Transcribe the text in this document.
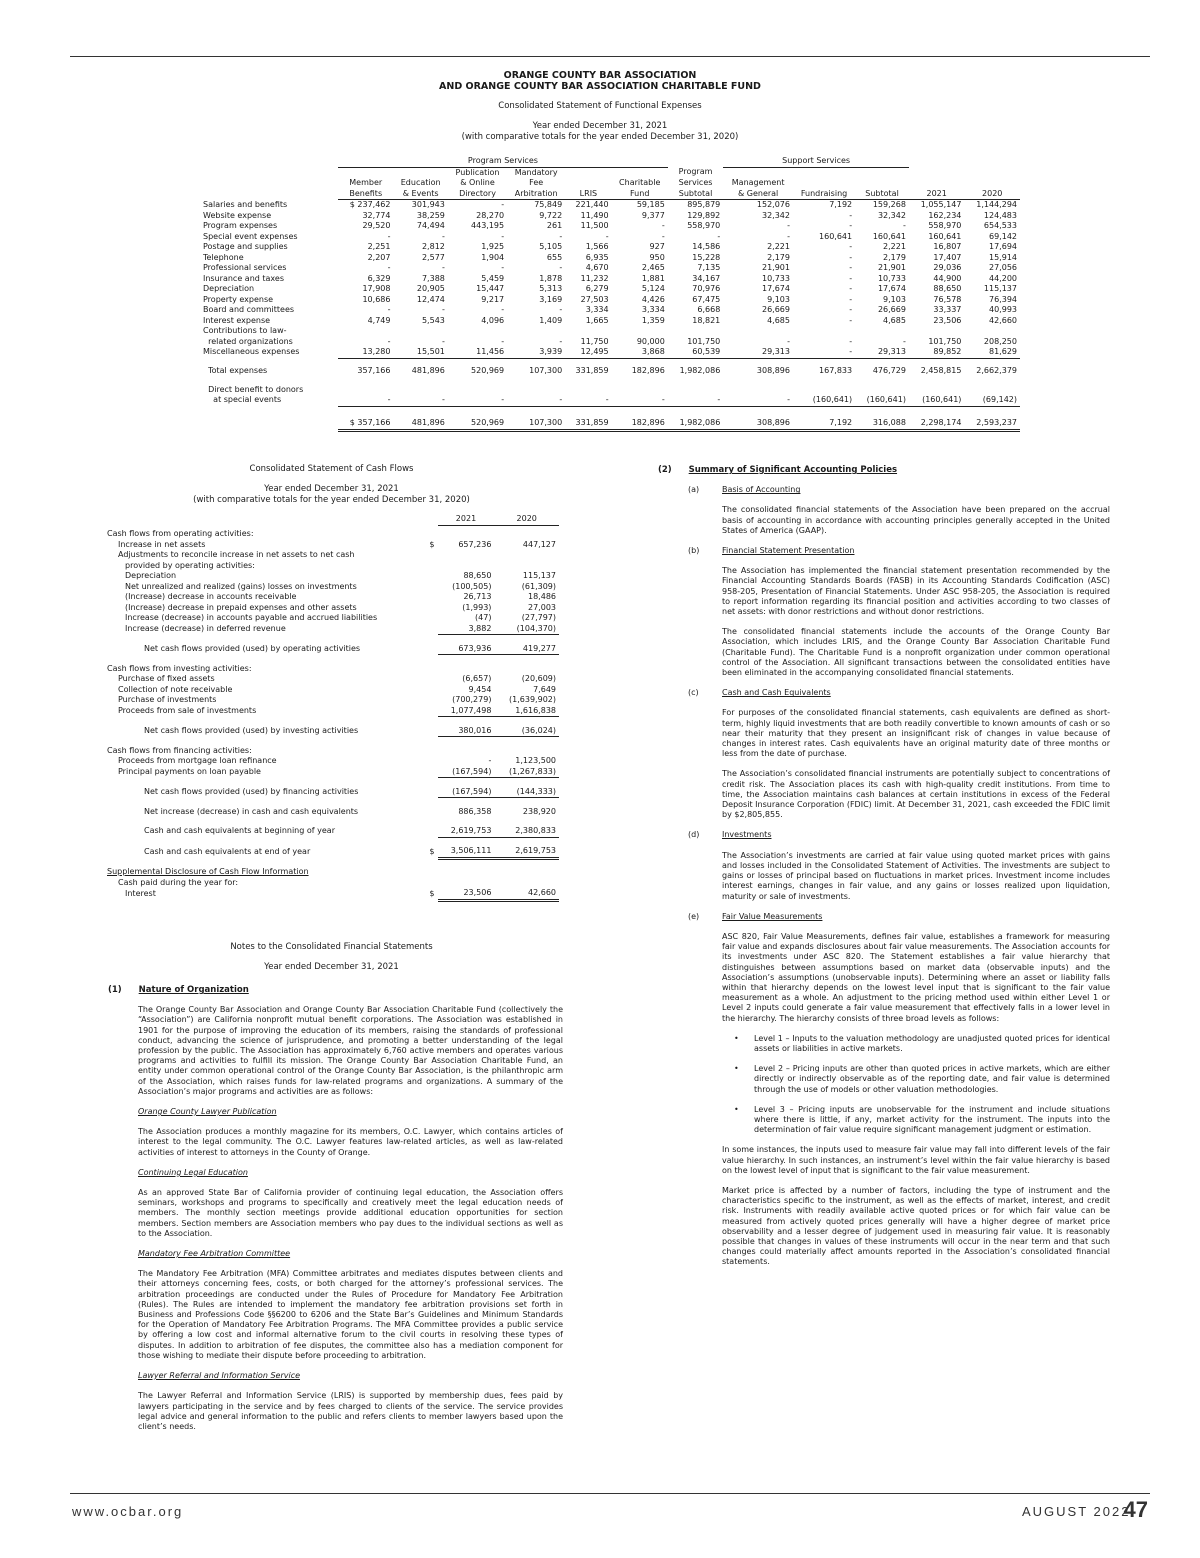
ORANGE COUNTY BAR ASSOCIATION
AND ORANGE COUNTY BAR ASSOCIATION CHARITABLE FUND
Consolidated Statement of Functional Expenses
Year ended December 31, 2021
(with comparative totals for the year ended December 31, 2020)
	Program Services							Support Services				
			Publication	Mandatory			Program					
	Member	Education	& Online	Fee		Charitable	Services	Management				
	Benefits	& Events	Directory	Arbitration	LRIS	Fund	Subtotal	& General	Fundraising	Subtotal	2021	2020
Salaries and benefits	$ 237,462	301,943	-	75,849	221,440	59,185	895,879	152,076	7,192	159,268	1,055,147	1,144,294
Website expense	32,774	38,259	28,270	9,722	11,490	9,377	129,892	32,342	-	32,342	162,234	124,483
Program expenses	29,520	74,494	443,195	261	11,500	-	558,970	-	-	-	558,970	654,533
Special event expenses	-	-	-	-	-	-	-	-	160,641	160,641	160,641	69,142
Postage and supplies	2,251	2,812	1,925	5,105	1,566	927	14,586	2,221	-	2,221	16,807	17,694
Telephone	2,207	2,577	1,904	655	6,935	950	15,228	2,179	-	2,179	17,407	15,914
Professional services	-	-	-	-	4,670	2,465	7,135	21,901	-	21,901	29,036	27,056
Insurance and taxes	6,329	7,388	5,459	1,878	11,232	1,881	34,167	10,733	-	10,733	44,900	44,200
Depreciation	17,908	20,905	15,447	5,313	6,279	5,124	70,976	17,674	-	17,674	88,650	115,137
Property expense	10,686	12,474	9,217	3,169	27,503	4,426	67,475	9,103	-	9,103	76,578	76,394
Board and committees	-	-	-	-	3,334	3,334	6,668	26,669	-	26,669	33,337	40,993
Interest expense	4,749	5,543	4,096	1,409	1,665	1,359	18,821	4,685	-	4,685	23,506	42,660
Contributions to law-												
related organizations	-	-	-	-	11,750	90,000	101,750	-	-	-	101,750	208,250
Miscellaneous expenses	13,280	15,501	11,456	3,939	12,495	3,868	60,539	29,313	-	29,313	89,852	81,629

Total expenses	357,166	481,896	520,969	107,300	331,859	182,896	1,982,086	308,896	167,833	476,729	2,458,815	2,662,379

Direct benefit to donors												
at special events	-	-	-	-	-	-	-	-	(160,641)	(160,641)	(160,641)	(69,142)

	$ 357,166	481,896	520,969	107,300	331,859	182,896	1,982,086	308,896	7,192	316,088	2,298,174	2,593,237
Consolidated Statement of Cash Flows
Year ended December 31, 2021
(with comparative totals for the year ended December 31, 2020)
		2021	2020

Cash flows from operating activities:			
Increase in net assets	$	657,236	447,127
Adjustments to reconcile increase in net assets to net cash			
provided by operating activities:			
Depreciation		88,650	115,137
Net unrealized and realized (gains) losses on investments		(100,505)	(61,309)
(Increase) decrease in accounts receivable		26,713	18,486
(Increase) decrease in prepaid expenses and other assets		(1,993)	27,003
Increase (decrease) in accounts payable and accrued liabilities		(47)	(27,797)
Increase (decrease) in deferred revenue		3,882	(104,370)

Net cash flows provided (used) by operating activities		673,936	419,277

Cash flows from investing activities:			
Purchase of fixed assets		(6,657)	(20,609)
Collection of note receivable		9,454	7,649
Purchase of investments		(700,279)	(1,639,902)
Proceeds from sale of investments		1,077,498	1,616,838

Net cash flows provided (used) by investing activities		380,016	(36,024)

Cash flows from financing activities:			
Proceeds from mortgage loan refinance		-	1,123,500
Principal payments on loan payable		(167,594)	(1,267,833)

Net cash flows provided (used) by financing activities		(167,594)	(144,333)

Net increase (decrease) in cash and cash equivalents		886,358	238,920

Cash and cash equivalents at beginning of year		2,619,753	2,380,833

Cash and cash equivalents at end of year	$	3,506,111	2,619,753

Supplemental Disclosure of Cash Flow Information			
Cash paid during the year for:			
Interest	$	23,506	42,660
Notes to the Consolidated Financial Statements
Year ended December 31, 2021
(1) Nature of Organization

The Orange County Bar Association and Orange County Bar Association Charitable Fund (collectively the “Association”) are California nonprofit mutual benefit corporations. The Association was established in 1901 for the purpose of improving the education of its members, raising the standards of professional conduct, advancing the science of jurisprudence, and promoting a better understanding of the legal profession by the public. The Association has approximately 6,760 active members and operates various programs and activities to fulfill its mission. The Orange County Bar Association Charitable Fund, an entity under common operational control of the Orange County Bar Association, is the philanthropic arm of the Association, which raises funds for law-related programs and organizations. A summary of the Association’s major programs and activities are as follows:

Orange County Lawyer Publication

The Association produces a monthly magazine for its members, O.C. Lawyer, which contains articles of interest to the legal community. The O.C. Lawyer features law-related articles, as well as law-related activities of interest to attorneys in the County of Orange.

Continuing Legal Education

As an approved State Bar of California provider of continuing legal education, the Association offers seminars, workshops and programs to specifically and creatively meet the legal education needs of members. The monthly section meetings provide additional education opportunities for section members. Section members are Association members who pay dues to the individual sections as well as to the Association.

Mandatory Fee Arbitration Committee

The Mandatory Fee Arbitration (MFA) Committee arbitrates and mediates disputes between clients and their attorneys concerning fees, costs, or both charged for the attorney’s professional services. The arbitration proceedings are conducted under the Rules of Procedure for Mandatory Fee Arbitration (Rules). The Rules are intended to implement the mandatory fee arbitration provisions set forth in Business and Professions Code §§6200 to 6206 and the State Bar’s Guidelines and Minimum Standards for the Operation of Mandatory Fee Arbitration Programs. The MFA Committee provides a public service by offering a low cost and informal alternative forum to the civil courts in resolving these types of disputes. In addition to arbitration of fee disputes, the committee also has a mediation component for those wishing to mediate their dispute before proceeding to arbitration.

Lawyer Referral and Information Service

The Lawyer Referral and Information Service (LRIS) is supported by membership dues, fees paid by lawyers participating in the service and by fees charged to clients of the service. The service provides legal advice and general information to the public and refers clients to member lawyers based upon the client’s needs.

(2) Summary of Significant Accounting Policies
(a)	Basis of Accounting

The consolidated financial statements of the Association have been prepared on the accrual basis of accounting in accordance with accounting principles generally accepted in the United States of America (GAAP).

(b)	Financial Statement Presentation

The Association has implemented the financial statement presentation recommended by the Financial Accounting Standards Boards (FASB) in its Accounting Standards Codification (ASC) 958-205, Presentation of Financial Statements. Under ASC 958-205, the Association is required to report information regarding its financial position and activities according to two classes of net assets: with donor restrictions and without donor restrictions.

The consolidated financial statements include the accounts of the Orange County Bar Association, which includes LRIS, and the Orange County Bar Association Charitable Fund (Charitable Fund). The Charitable Fund is a nonprofit organization under common operational control of the Association. All significant transactions between the consolidated entities have been eliminated in the accompanying consolidated financial statements.

(c)	Cash and Cash Equivalents

For purposes of the consolidated financial statements, cash equivalents are defined as short-term, highly liquid investments that are both readily convertible to known amounts of cash or so near their maturity that they present an insignificant risk of changes in value because of changes in interest rates. Cash equivalents have an original maturity date of three months or less from the date of purchase.

The Association’s consolidated financial instruments are potentially subject to concentrations of credit risk. The Association places its cash with high-quality credit institutions. From time to time, the Association maintains cash balances at certain institutions in excess of the Federal Deposit Insurance Corporation (FDIC) limit. At December 31, 2021, cash exceeded the FDIC limit by $2,805,855.

(d)	Investments

The Association’s investments are carried at fair value using quoted market prices with gains and losses included in the Consolidated Statement of Activities. The investments are subject to gains or losses of principal based on fluctuations in market prices. Investment income includes interest earnings, changes in fair value, and any gains or losses realized upon liquidation, maturity or sale of investments.

(e)	Fair Value Measurements

ASC 820, Fair Value Measurements, defines fair value, establishes a framework for measuring fair value and expands disclosures about fair value measurements. The Association accounts for its investments under ASC 820. The Statement establishes a fair value hierarchy that distinguishes between assumptions based on market data (observable inputs) and the Association’s assumptions (unobservable inputs). Determining where an asset or liability falls within that hierarchy depends on the lowest level input that is significant to the fair value measurement as a whole. An adjustment to the pricing method used within either Level 1 or Level 2 inputs could generate a fair value measurement that effectively falls in a lower level in the hierarchy. The hierarchy consists of three broad levels as follows:

• Level 1 – Inputs to the valuation methodology are unadjusted quoted prices for identical assets or liabilities in active markets.
• Level 2 – Pricing inputs are other than quoted prices in active markets, which are either directly or indirectly observable as of the reporting date, and fair value is determined through the use of models or other valuation methodologies.
• Level 3 – Pricing inputs are unobservable for the instrument and include situations where there is little, if any, market activity for the instrument. The inputs into the determination of fair value require significant management judgment or estimation.

In some instances, the inputs used to measure fair value may fall into different levels of the fair value hierarchy. In such instances, an instrument’s level within the fair value hierarchy is based on the lowest level of input that is significant to the fair value measurement.

Market price is affected by a number of factors, including the type of instrument and the characteristics specific to the instrument, as well as the effects of market, interest, and credit risk. Instruments with readily available active quoted prices or for which fair value can be measured from actively quoted prices generally will have a higher degree of market price observability and a lesser degree of judgement used in measuring fair value. It is reasonably possible that changes in values of these instruments will occur in the near term and that such changes could materially affect amounts reported in the Association’s consolidated financial statements.

www.ocbar.org	AUGUST 2022
47
